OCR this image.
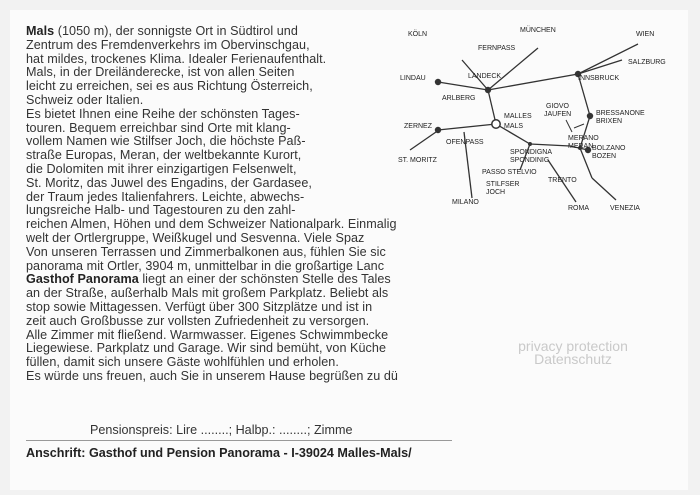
Mals (1050 m), der sonnigste Ort in Südtirol und

Zentrum des Fremdenverkehrs im Obervinschgau,

hat mildes, trockenes Klima. Idealer Ferienaufenthalt.

Mals, in der Dreiländerecke, ist von allen Seiten

leicht zu erreichen, sei es aus Richtung Österreich,

Schweiz oder Italien.

Es bietet Ihnen eine Reihe der schönsten Tages-

touren. Bequem erreichbar sind Orte mit klang-

vollem Namen wie Stilfser Joch, die höchste Paß-

straße Europas, Meran, der weltbekannte Kurort,

die Dolomiten mit ihrer einzigartigen Felsenwelt,

St. Moritz, das Juwel des Engadins, der Gardasee,

der Traum jedes Italienfahrers. Leichte, abwechs-

lungsreiche Halb- und Tagestouren zu den zahl-

reichen Almen, Höhen und dem Schweizer Nationalpark. Einmalig

welt der Ortlergruppe, Weißkugel und Sesvenna. Viele Spaz

Von unseren Terrassen und Zimmerbalkonen aus, fühlen Sie sic

panorama mit Ortler, 3904 m, unmittelbar in die großartige Lanc

Gasthof Panorama liegt an einer der schönsten Stelle des Tales

an der Straße, außerhalb Mals mit großem Parkplatz. Beliebt als

stop sowie Mittagessen. Verfügt über 300 Sitzplätze und ist in

zeit auch Großbusse zur vollsten Zufriedenheit zu versorgen.

Alle Zimmer mit fließend. Warmwasser. Eigenes Schwimmbecke

Liegewiese. Parkplatz und Garage. Wir sind bemüht, von Küche

füllen, damit sich unsere Gäste wohlfühlen und erholen.

Es würde uns freuen, auch Sie in unserem Hause begrüßen zu dü

Pensionspreis: Lire ........; Halbp.: ........; Zimme
Anschrift: Gasthof und Pension Panorama - I-39024 Malles-Mals/
KÖLN
MÜNCHEN
WIEN
FERNPASS
SALZBURG
LINDAU	LANDECK	INNSBRUCK
ARLBERG
MALLES
MALS
GIOVO
JAUFEN
ZERNEZ
BRESSANONE
BRIXEN
OFENPASS
MERANO
MERAN
BOLZANO
BOZEN
ST. MORITZ
SPONDIGNA
SPONDINIG
PASSO STELVIO
STILFSER
JOCH
TRENTO
MILANO
ROMA	VENEZIA
privacy protection
Datenschutz
